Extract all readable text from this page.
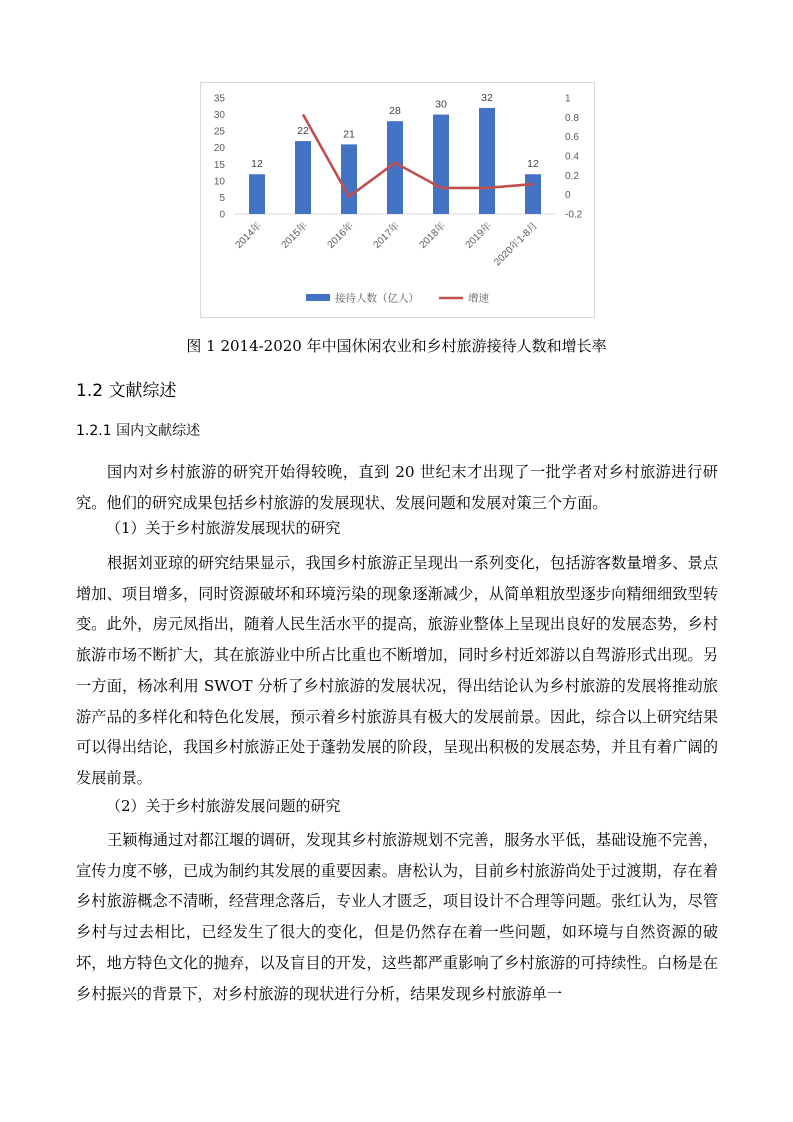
0
5
10
15
20
25
30
35
-0.2
0
0.2
0.4
0.6
0.8
1
12
22	21
28
30
32
12
2014年 2015年 2016年 2017年 2018年 2019年
2020年1-8月
接待人数（亿人）	增速
图 1 2014-2020 年中国休闲农业和乡村旅游接待人数和增长率
1.2 文献综述
1.2.1 国内文献综述

国内对乡村旅游的研究开始得较晚，直到 20 世纪末才出现了一批学者对乡村旅游进行研究。他们的研究成果包括乡村旅游的发展现状、发展问题和发展对策三个方面。

（1）关于乡村旅游发展现状的研究

根据刘亚琼的研究结果显示，我国乡村旅游正呈现出一系列变化，包括游客数量增多、景点增加、项目增多，同时资源破坏和环境污染的现象逐渐减少，从简单粗放型逐步向精细细致型转变。此外，房元凤指出，随着人民生活水平的提高，旅游业整体上呈现出良好的发展态势，乡村旅游市场不断扩大，其在旅游业中所占比重也不断增加，同时乡村近郊游以自驾游形式出现。另一方面，杨冰利用 SWOT 分析了乡村旅游的发展状况，得出结论认为乡村旅游的发展将推动旅游产品的多样化和特色化发展，预示着乡村旅游具有极大的发展前景。因此，综合以上研究结果可以得出结论，我国乡村旅游正处于蓬勃发展的阶段，呈现出积极的发展态势，并且有着广阔的发展前景。

（2）关于乡村旅游发展问题的研究

王颖梅通过对都江堰的调研，发现其乡村旅游规划不完善，服务水平低，基础设施不完善，宣传力度不够，已成为制约其发展的重要因素。唐松认为，目前乡村旅游尚处于过渡期，存在着乡村旅游概念不清晰，经营理念落后，专业人才匮乏，项目设计不合理等问题。张红认为，尽管乡村与过去相比，已经发生了很大的变化，但是仍然存在着一些问题，如环境与自然资源的破坏，地方特色文化的抛弃，以及盲目的开发，这些都严重影响了乡村旅游的可持续性。白杨是在乡村振兴的背景下，对乡村旅游的现状进行分析，结果发现乡村旅游单一
